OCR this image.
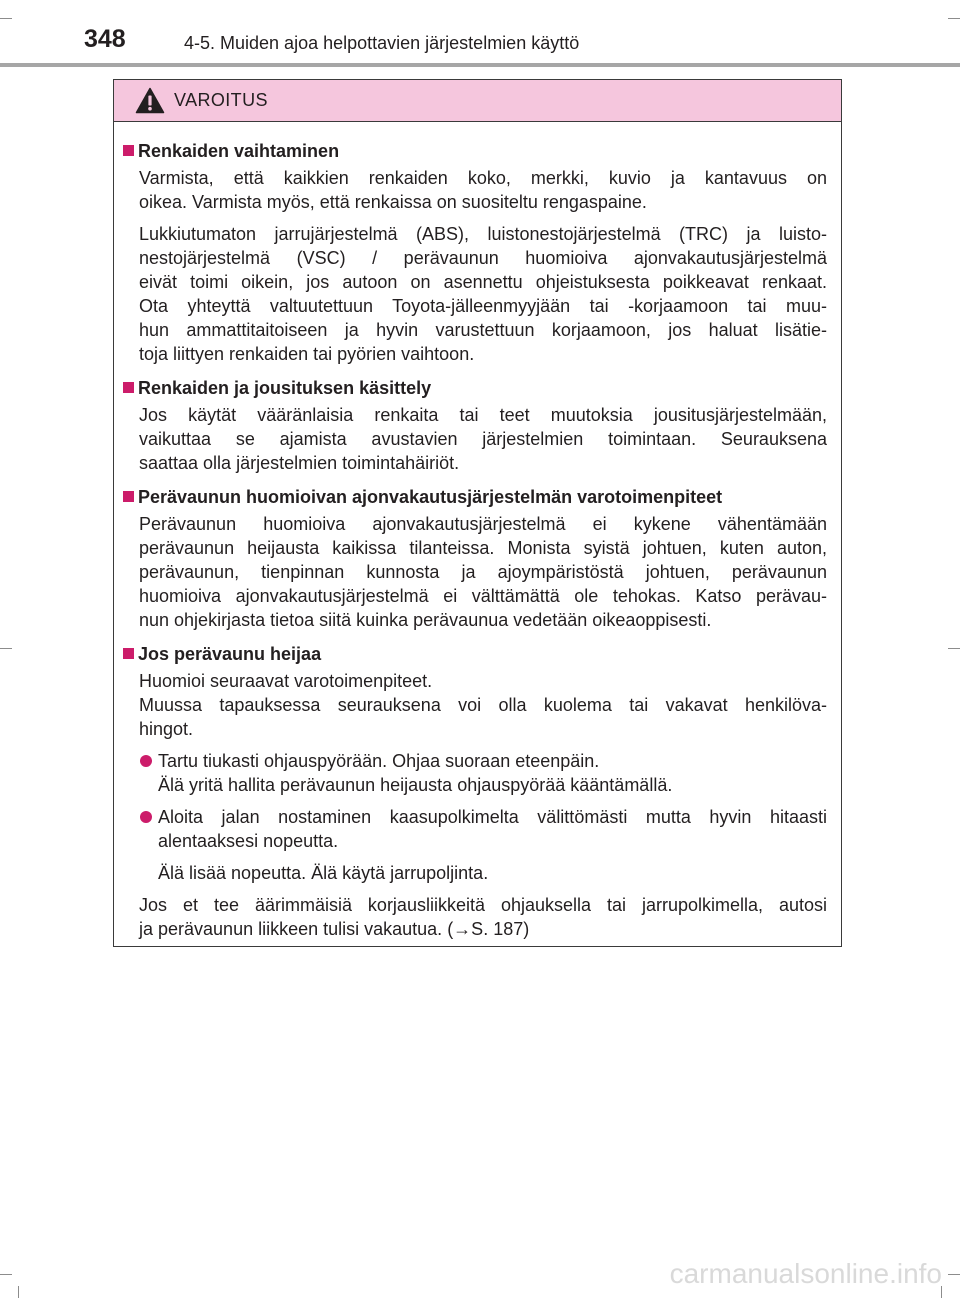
348	4-5. Muiden ajoa helpottavien järjestelmien käyttö
VAROITUS
Renkaiden vaihtaminen
Varmista, että kaikkien renkaiden koko, merkki, kuvio ja kantavuus on
oikea. Varmista myös, että renkaissa on suositeltu rengaspaine.
Lukkiutumaton jarrujärjestelmä (ABS), luistonestojärjestelmä (TRC) ja luisto-
nestojärjestelmä (VSC) / perävaunun huomioiva ajonvakautusjärjestelmä
eivät toimi oikein, jos autoon on asennettu ohjeistuksesta poikkeavat renkaat.
Ota yhteyttä valtuutettuun Toyota-jälleenmyyjään tai -korjaamoon tai muu-
hun ammattitaitoiseen ja hyvin varustettuun korjaamoon, jos haluat lisätie-
toja liittyen renkaiden tai pyörien vaihtoon.
Renkaiden ja jousituksen käsittely
Jos käytät vääränlaisia renkaita tai teet muutoksia jousitusjärjestelmään,
vaikuttaa se ajamista avustavien järjestelmien toimintaan. Seurauksena
saattaa olla järjestelmien toimintahäiriöt.
Perävaunun huomioivan ajonvakautusjärjestelmän varotoimenpiteet
Perävaunun huomioiva ajonvakautusjärjestelmä ei kykene vähentämään
perävaunun heijausta kaikissa tilanteissa. Monista syistä johtuen, kuten auton,
perävaunun, tienpinnan kunnosta ja ajoympäristöstä johtuen, perävaunun
huomioiva ajonvakautusjärjestelmä ei välttämättä ole tehokas. Katso perävau-
nun ohjekirjasta tietoa siitä kuinka perävaunua vedetään oikeaoppisesti.
Jos perävaunu heijaa
Huomioi seuraavat varotoimenpiteet.
Muussa tapauksessa seurauksena voi olla kuolema tai vakavat henkilöva-
hingot.
Tartu tiukasti ohjauspyörään. Ohjaa suoraan eteenpäin.
Älä yritä hallita perävaunun heijausta ohjauspyörää kääntämällä.
Aloita jalan nostaminen kaasupolkimelta välittömästi mutta hyvin hitaasti
alentaaksesi nopeutta.
Älä lisää nopeutta. Älä käytä jarrupoljinta.
Jos et tee äärimmäisiä korjausliikkeitä ohjauksella tai jarrupolkimella, autosi
ja perävaunun liikkeen tulisi vakautua. (→S. 187)
carmanualsonline.info
